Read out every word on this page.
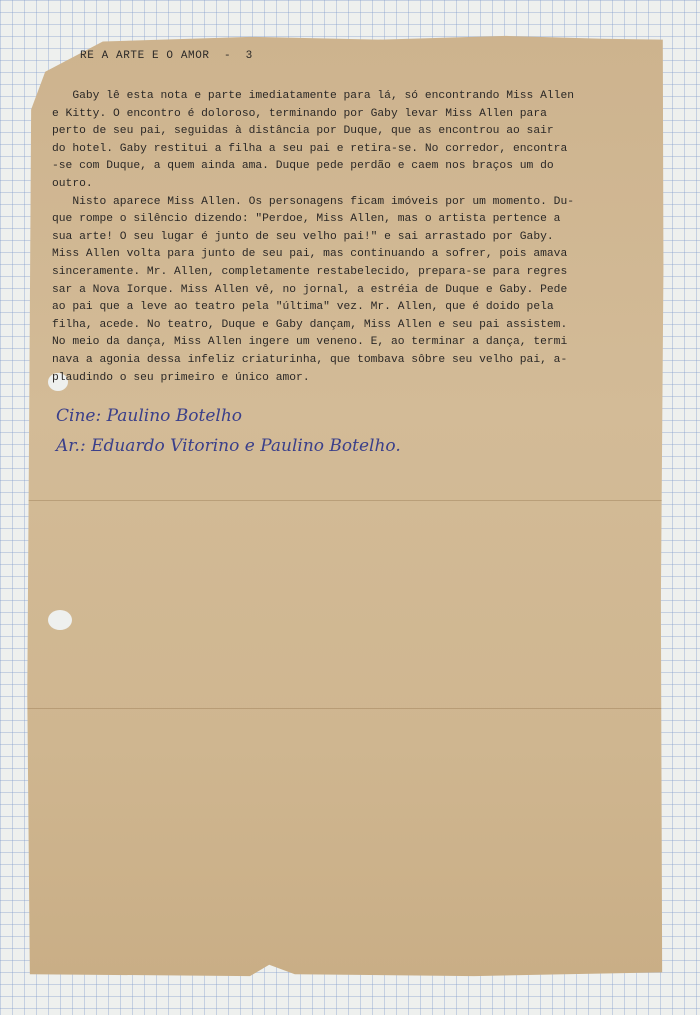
RE A ARTE E O AMOR  -  3
Gaby lê esta nota e parte imediatamente para lá, só encontrando Miss Allen
e Kitty. O encontro é doloroso, terminando por Gaby levar Miss Allen para
perto de seu pai, seguidas à distância por Duque, que as encontrou ao sair
do hotel. Gaby restitui a filha a seu pai e retira-se. No corredor, encontra
-se com Duque, a quem ainda ama. Duque pede perdão e caem nos braços um do
outro.
Nisto aparece Miss Allen. Os personagens ficam imóveis por um momento. Du-
que rompe o silêncio dizendo: "Perdoe, Miss Allen, mas o artista pertence a
sua arte! O seu lugar é junto de seu velho pai!" e sai arrastado por Gaby.
Miss Allen volta para junto de seu pai, mas continuando a sofrer, pois amava
sinceramente. Mr. Allen, completamente restabelecido, prepara-se para regres
sar a Nova Iorque. Miss Allen vê, no jornal, a estréia de Duque e Gaby. Pede
ao pai que a leve ao teatro pela "última" vez. Mr. Allen, que é doido pela
filha, acede. No teatro, Duque e Gaby dançam, Miss Allen e seu pai assistem.
No meio da dança, Miss Allen ingere um veneno. E, ao terminar a dança, termi
nava a agonia dessa infeliz criaturinha, que tombava sôbre seu velho pai, a-
plaudindo o seu primeiro e único amor.
Cine: Paulino Botelho
Ar.: Eduardo Vitorino e Paulino Botelho.
